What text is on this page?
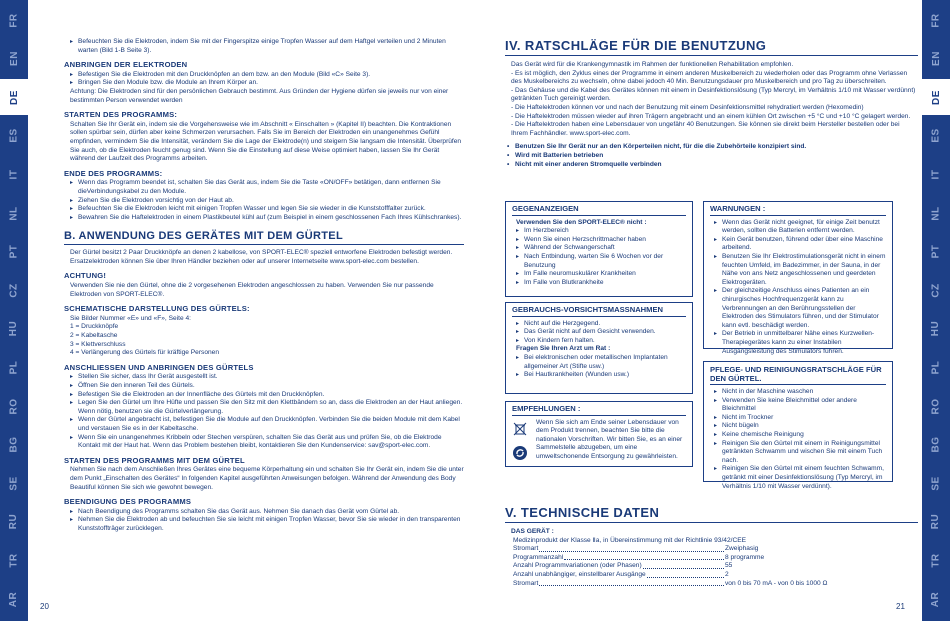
FR
EN
DE
ES
IT
NL
PT
CZ
HU
PL
RO
BG
SE
RU
TR
AR
FR
EN
DE
ES
IT
NL
PT
CZ
HU
PL
RO
BG
SE
RU
TR
AR
▸ Befeuchten Sie die Elektroden, indem Sie mit der Fingerspitze einige Tropfen Wasser auf dem Haftgel verteilen und 2 Minuten warten (Bild 1-B Seite 3).
ANBRINGEN DER ELEKTRODEN
▸ Befestigen Sie die Elektroden mit den Druckknöpfen an dem bzw. an den Module (Bild «C» Seite 3).
▸ Bringen Sie den Module bzw. die Module an Ihrem Körper an.
Achtung: Die Elektroden sind für den persönlichen Gebrauch bestimmt. Aus Gründen der Hygiene dürfen sie jeweils nur von einer bestimmten Person verwendet werden
STARTEN DES PROGRAMMS:
Schalten Sie Ihr Gerät ein, indem sie die Vorgehensweise wie im Abschnitt « Einschalten » (Kapitel II) beachten. Die Kontraktionen sollen spürbar sein, dürfen aber keine Schmerzen verursachen. Falls Sie im Bereich der Elektroden ein unangenehmes Gefühl empfinden, vermindern Sie die Intensität, verändern Sie die Lage der Elektrode(n) und steigern Sie langsam die Intensität. Überprüfen Sie auch, ob die Elektroden feucht genug sind. Wenn Sie die Einstellung auf diese Weise optimiert haben, lassen Sie Ihr Gerät während der Laufzeit des Programms arbeiten.
ENDE DES PROGRAMMS:
▸ Wenn das Programm beendet ist, schalten Sie das Gerät aus, indem Sie die Taste «ON/OFF» betätigen, dann entfernen Sie dieVerbindungskabel zu den Module.
▸ Ziehen Sie die Elektroden vorsichtig von der Haut ab.
▸ Befeuchten Sie die Elektroden leicht mit einigen Tropfen Wasser und legen Sie sie wieder in die Kunststofffalter zurück.
▸ Bewahren Sie die Haftelektroden in einem Plastikbeutel kühl auf (zum Beispiel in einem geschlossenen Fach Ihres Kühlschrankes).
B. ANWENDUNG DES GERÄTES MIT DEM GÜRTEL
Der Gürtel besitzt 2 Paar Druckknöpfe an denen 2 kabellose, von SPORT-ELEC® speziell entworfene Elektroden befestigt werden. Ersatzelektroden können Sie über Ihren Händler beziehen oder auf unserer Internetseite www.sport-elec.com bestellen.
ACHTUNG!
Verwenden Sie nie den Gürtel, ohne die 2 vorgesehenen Elektroden angeschlossen zu haben. Verwenden Sie nur passende Elektroden von SPORT-ELEC®.
SCHEMATISCHE DARSTELLUNG DES GÜRTELS:
Sie Bilder Nummer «E» und «F», Seite 4:
1 = Druckknöpfe
2 = Kabeltasche
3 = Klettverschluss
4 = Verlängerung des Gürtels für kräftige Personen
ANSCHLIESSEN UND ANBRINGEN DES GÜRTELS
▸ Stellen Sie sicher, dass Ihr Gerät ausgestellt ist.
▸ Öffnen Sie den inneren Teil des Gürtels.
▸ Befestigen Sie die Elektroden an der Innenfläche des Gürtels mit den Druckknöpfen.
▸ Legen Sie den Gürtel um Ihre Hüfte und passen Sie den Sitz mit den Klettbändern so an, dass die Elektroden an der Haut anliegen. Wenn nötig, benutzen sie die Gürtelverlängerung.
▸ Wenn der Gürtel angebracht ist, befestigen Sie die Module auf den Druckknöpfen. Verbinden Sie die beiden Module mit dem Kabel und verstauen Sie es in der Kabeltasche.
▸ Wenn Sie ein unangenehmes Kribbeln oder Stechen verspüren, schalten Sie das Gerät aus und prüfen Sie, ob die Elektrode Kontakt mit der Haut hat. Wenn das Problem bestehen bleibt, kontaktieren Sie den Kundenservice: sav@sport-elec.com.
STARTEN DES PROGRAMMS MIT DEM GÜRTEL
Nehmen Sie nach dem Anschließen Ihres Gerätes eine bequeme Körperhaltung ein und schalten Sie Ihr Gerät ein, indem Sie die unter dem Punkt „Einschalten des Gerätes“ In folgenden Kapitel ausgeführten Anweisungen befolgen. Während der Anwendung des Body Beautiful können Sie sich wie gewohnt bewegen.
BEENDIGUNG DES PROGRAMMS
▸ Nach Beendigung des Programms schalten Sie das Gerät aus. Nehmen Sie danach das Gerät vom Gürtel ab.
▸ Nehmen Sie die Elektroden ab und befeuchten Sie sie leicht mit einigen Tropfen Wasser, bevor Sie sie wieder in den transparenten Kunststoffträger zurücklegen.
20
IV. RATSCHLÄGE FÜR DIE BENUTZUNG
Das Gerät wird für die Krankengymnastik im Rahmen der funktionellen Rehabilitation empfohlen.
- Es ist möglich, den Zyklus eines der Programme in einem anderen Muskelbereich zu wiederholen oder das Programm ohne Verlassen des Muskelbereichs zu wechseln, ohne dabei jedoch 40 Min. Benutzungsdauer pro Muskelbereich und pro Tag zu überschreiten.
- Das Gehäuse und die Kabel des Gerätes können mit einem in Desinfektionslösung (Typ Mercryl, im Verhältnis 1/10 mit Wasser verdünnt) getränkten Tuch gereinigt werden.
- Die Haftelektroden können vor und nach der Benutzung mit einem Desinfektionsmittel rehydratiert werden (Hexomedin)
- Die Haftelektroden müssen wieder auf ihren Trägern angebracht und an einem kühlen Ort zwischen +5 °C und +10 °C gelagert werden.
- Die Haftelektroden haben eine Lebensdauer von ungefähr 40 Benutzungen. Sie können sie direkt beim Hersteller bestellen oder bei Ihrem Fachhändler. www.sport-elec.com.
• Benutzen Sie Ihr Gerät nur an den Körperteilen nicht, für die die Zubehörteile konzipiert sind.
• Wird mit Batterien betrieben
• Nicht mit einer anderen Stromquelle verbinden
GEGENANZEIGEN
Verwenden Sie den SPORT-ELEC® nicht :
▸ Im Herzbereich
▸ Wenn Sie einen Herzschrittmacher haben
▸ Während der Schwangerschaft
▸ Nach Entbindung, warten Sie 6 Wochen vor der Benutzung
▸ Im Falle neuromuskulärer Krankheiten
▸ Im Falle von Blutkrankheite
WARNUNGEN :
▸ Wenn das Gerät nicht geeignet, für einige Zeit benutzt werden, sollten die Batterien entfernt werden.
▸ Kein Gerät benutzen, führend oder über eine Maschine arbeitend.
▸ Benutzen Sie Ihr Elektrostimulationsgerät nicht in einem feuchten Umfeld, im Badezimmer, in der Sauna, in der Nähe von ans Netz angeschlossenen und geerdeten Elektrogeräten.
▸ Der gleichzeitige Anschluss eines Patienten an ein chirurgisches Hochfrequenzgerät kann zu Verbrennungen an den Berührungsstellen der Elektroden des Stimulators führen, und der Stimulator kann evtl. beschädigt werden.
▸ Der Betrieb in unmittelbarer Nähe eines Kurzwellen-Therapiegerätes kann zu einer Instabilen Ausgangsleistung des Stimulators führen.
GEBRAUCHS-VORSICHTSMASSNAHMEN
▸ Nicht auf die Herzgegend.
▸ Das Gerät nicht auf dem Gesicht verwenden.
▸ Von Kindern fern halten.
Fragen Sie Ihren Arzt um Rat :
▸ Bei elektronischen oder metallischen Implantaten allgemeiner Art (Stifte usw.)
▸ Bei Hautkrankheiten (Wunden usw.)
EMPFEHLUNGEN :
Wenn Sie sich am Ende seiner Lebensdauer von dem Produkt trennen, beachten Sie bitte die nationalen Vorschriften. Wir bitten Sie, es an einer Sammelstelle abzugeben, um eine umweltschonende Entsorgung zu gewährleisten.
PFLEGE- UND REINIGUNGSRATSCHLÄGE FÜR DEN GÜRTEL.
▸ Nicht in der Maschine waschen
▸ Verwenden Sie keine Bleichmittel oder andere Bleichmittel
▸ Nicht im Trockner
▸ Nicht bügeln
▸ Keine chemische Reinigung
▸ Reinigen Sie den Gürtel mit einem in Reinigungsmittel getränkten Schwamm und wischen Sie mit einem Tuch nach.
▸ Reinigen Sie den Gürtel mit einem feuchten Schwamm, getränkt mit einer Desinfektionslösung (Typ Mercryl, im Verhältnis 1/10 mit Wasser verdünnt).
V. TECHNISCHE DATEN
DAS GERÄT :
Medizinprodukt der Klasse Ⅱa, in Übereinstimmung mit der Richtlinie 93/42/CEE
Stromart	Zweiphasig
Programmanzahl	8 programme
Anzahl Programmvariationen (oder Phasen)	55
Anzahl unabhängiger, einstellbarer Ausgänge	2
Stromart	von 0 bis 70 mA - von 0 bis 1000 Ω
21
